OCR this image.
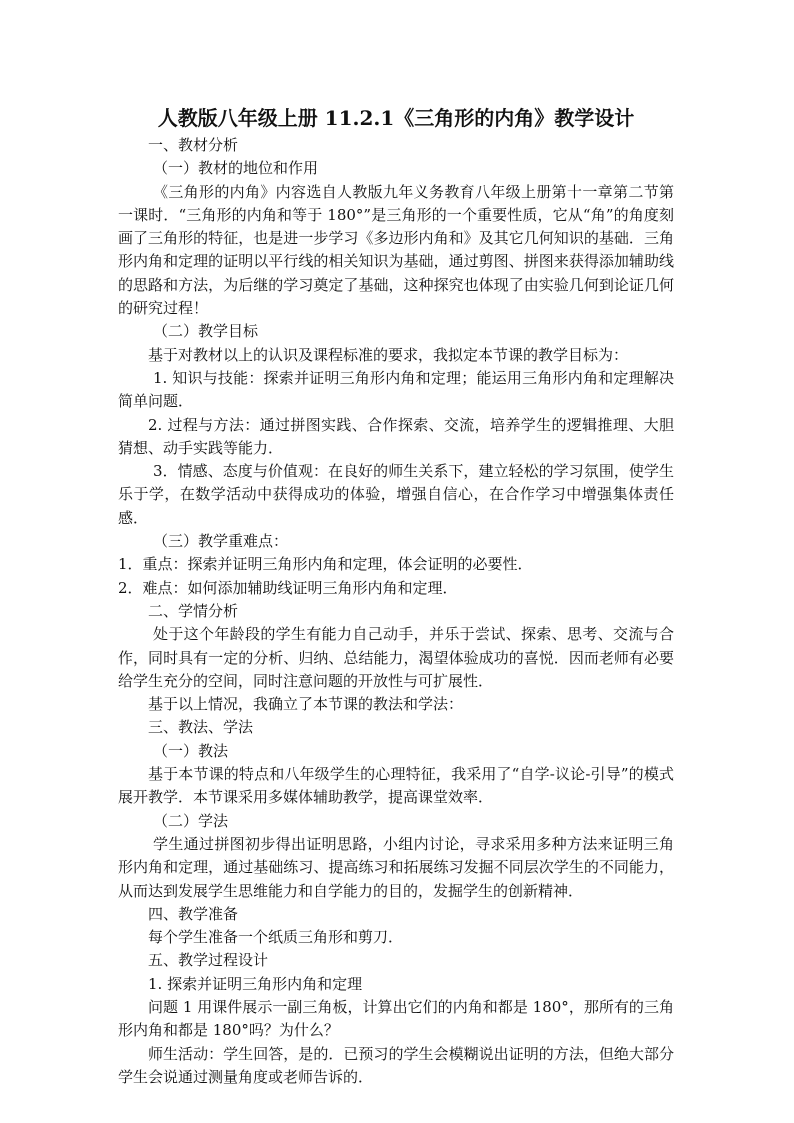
人教版八年级上册 11.2.1《三角形的内角》教学设计
一、教材分析
（一）教材的地位和作用
《三角形的内角》内容选自人教版九年义务教育八年级上册第十一章第二节第一课时．“三角形的内角和等于 180°”是三角形的一个重要性质，它从“角”的角度刻画了三角形的特征，也是进一步学习《多边形内角和》及其它几何知识的基础．三角形内角和定理的证明以平行线的相关知识为基础，通过剪图、拼图来获得添加辅助线的思路和方法，为后继的学习奠定了基础，这种探究也体现了由实验几何到论证几何的研究过程！
（二）教学目标
基于对教材以上的认识及课程标准的要求，我拟定本节课的教学目标为：
1. 知识与技能：探索并证明三角形内角和定理；能运用三角形内角和定理解决简单问题．
2. 过程与方法：通过拼图实践、合作探索、交流，培养学生的逻辑推理、大胆猜想、动手实践等能力．
3．情感、态度与价值观：在良好的师生关系下，建立轻松的学习氛围，使学生乐于学，在数学活动中获得成功的体验，增强自信心，在合作学习中增强集体责任感．
（三）教学重难点：
1．重点：探索并证明三角形内角和定理，体会证明的必要性．
2．难点：如何添加辅助线证明三角形内角和定理．
二、学情分析
处于这个年龄段的学生有能力自己动手，并乐于尝试、探索、思考、交流与合作，同时具有一定的分析、归纳、总结能力，渴望体验成功的喜悦．因而老师有必要给学生充分的空间，同时注意问题的开放性与可扩展性．
基于以上情况，我确立了本节课的教法和学法：
三、教法、学法
（一）教法
基于本节课的特点和八年级学生的心理特征，我采用了“自学-议论-引导”的模式展开教学．本节课采用多媒体辅助教学，提高课堂效率．
（二）学法
学生通过拼图初步得出证明思路，小组内讨论，寻求采用多种方法来证明三角形内角和定理，通过基础练习、提高练习和拓展练习发掘不同层次学生的不同能力，从而达到发展学生思维能力和自学能力的目的，发掘学生的创新精神．
四、教学准备
每个学生准备一个纸质三角形和剪刀．
五、教学过程设计
1. 探索并证明三角形内角和定理
问题 1 用课件展示一副三角板，计算出它们的内角和都是 180°，那所有的三角形内角和都是 180°吗？为什么？
师生活动：学生回答，是的．已预习的学生会模糊说出证明的方法，但绝大部分学生会说通过测量角度或老师告诉的．
